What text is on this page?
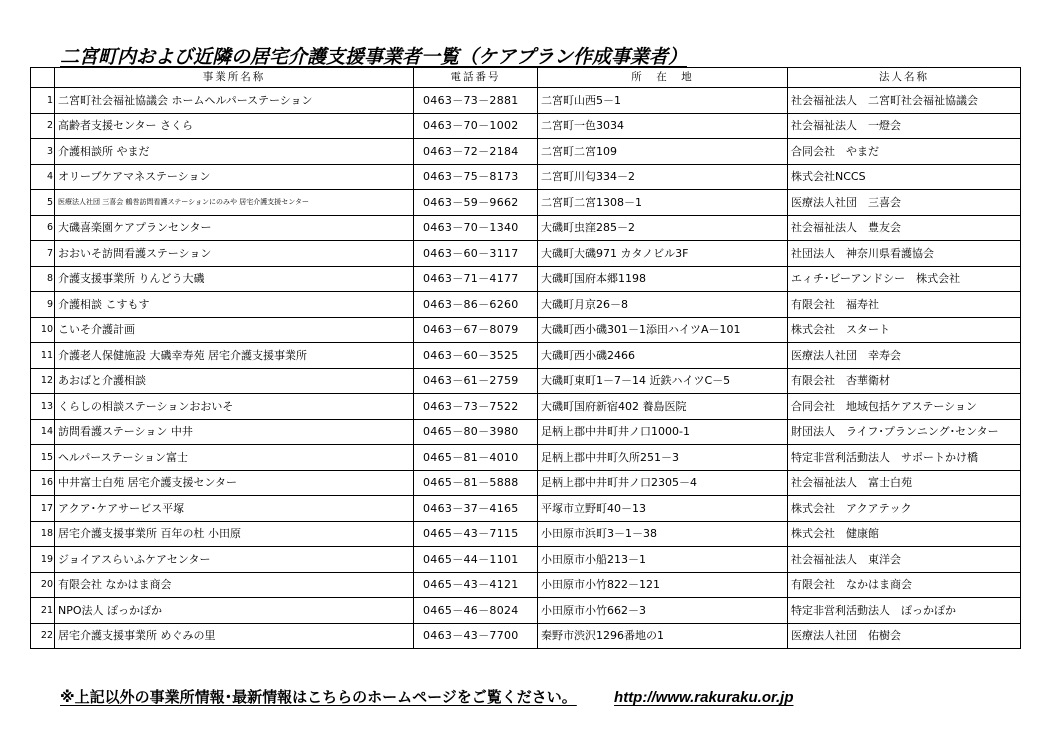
二宮町内および近隣の居宅介護支援事業者一覧（ケアプラン作成事業者）
	事業所名称	電話番号	所　在　地	法人名称
1	二宮町社会福祉協議会 ホームヘルパーステーション	0463－73－2881	二宮町山西5－1	社会福祉法人　二宮町社会福祉協議会
2	高齢者支援センター さくら	0463－70－1002	二宮町一色3034	社会福祉法人　一燈会
3	介護相談所 やまだ	0463－72－2184	二宮町二宮109	合同会社　やまだ
4	オリーブケアマネステーション	0463－75－8173	二宮町川匂334－2	株式会社NCCS
5	医療法人社団 三喜会 鶴巻訪問看護ステーションにのみや 居宅介護支援センター	0463－59－9662	二宮町二宮1308－1	医療法人社団　三喜会
6	大磯喜楽園ケアプランセンター	0463－70－1340	大磯町虫窪285－2	社会福祉法人　豊友会
7	おおいそ訪問看護ステーション	0463－60－3117	大磯町大磯971 カタノビル3F	社団法人　神奈川県看護協会
8	介護支援事業所 りんどう大磯	0463－71－4177	大磯町国府本郷1198	エィチ･ビーアンドシー　株式会社
9	介護相談 こすもす	0463－86－6260	大磯町月京26－8	有限会社　福寿社
10	こいそ介護計画	0463－67－8079	大磯町西小磯301－1添田ハイツA－101	株式会社　スタート
11	介護老人保健施設 大磯幸寿苑 居宅介護支援事業所	0463－60－3525	大磯町西小磯2466	医療法人社団　幸寿会
12	あおばと介護相談	0463－61－2759	大磯町東町1－7－14 近鉄ハイツC－5	有限会社　杏華衛材
13	くらしの相談ステーションおおいそ	0463－73－7522	大磯町国府新宿402 養島医院	合同会社　地域包括ケアステーション
14	訪問看護ステーション 中井	0465－80－3980	足柄上郡中井町井ノ口1000-1	財団法人　ライフ･プランニング･センター
15	ヘルパーステーション富士	0465－81－4010	足柄上郡中井町久所251－3	特定非営利活動法人　サポートかけ橋
16	中井富士白苑 居宅介護支援センター	0465－81－5888	足柄上郡中井町井ノ口2305－4	社会福祉法人　富士白苑
17	アクア･ケアサービス平塚	0463－37－4165	平塚市立野町40－13	株式会社　アクアテック
18	居宅介護支援事業所 百年の杜 小田原	0465－43－7115	小田原市浜町3－1－38	株式会社　健康館
19	ジョイアスらいふケアセンター	0465－44－1101	小田原市小船213－1	社会福祉法人　東洋会
20	有限会社 なかはま商会	0465－43－4121	小田原市小竹822－121	有限会社　なかはま商会
21	NPO法人 ぽっかぽか	0465－46－8024	小田原市小竹662－3	特定非営利活動法人　ぽっかぽか
22	居宅介護支援事業所 めぐみの里	0463－43－7700	秦野市渋沢1296番地の1	医療法人社団　佑樹会
※上記以外の事業所情報･最新情報はこちらのホームページをご覧ください。 http://www.rakuraku.or.jp
